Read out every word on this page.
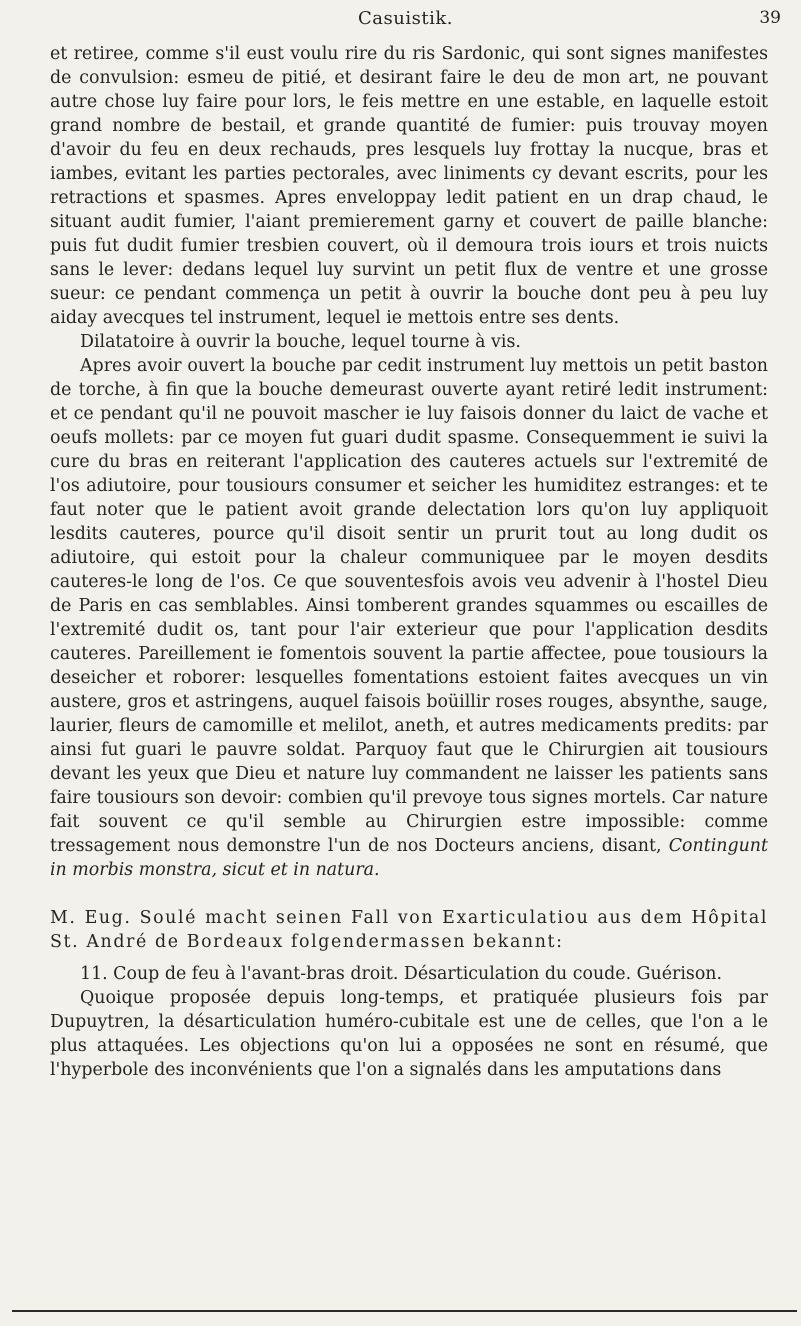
Casuistik.	39

et retiree, comme s'il eust voulu rire du ris Sardonic, qui sont signes manifestes de convulsion: esmeu de pitié, et desirant faire le deu de mon art, ne pouvant autre chose luy faire pour lors, le feis mettre en une estable, en laquelle estoit grand nombre de bestail, et grande quantité de fumier: puis trouvay moyen d'avoir du feu en deux rechauds, pres lesquels luy frottay la nucque, bras et iambes, evitant les parties pectorales, avec liniments cy devant escrits, pour les retractions et spasmes. Apres enveloppay ledit patient en un drap chaud, le situant audit fumier, l'aiant premierement garny et couvert de paille blanche: puis fut dudit fumier tresbien couvert, où il demoura trois iours et trois nuicts sans le lever: dedans lequel luy survint un petit flux de ventre et une grosse sueur: ce pendant commença un petit à ouvrir la bouche dont peu à peu luy aiday avecques tel instrument, lequel ie mettois entre ses dents.

Dilatatoire à ouvrir la bouche, lequel tourne à vis.

Apres avoir ouvert la bouche par cedit instrument luy mettois un petit baston de torche, à fin que la bouche demeurast ouverte ayant retiré ledit instrument: et ce pendant qu'il ne pouvoit mascher ie luy faisois donner du laict de vache et oeufs mollets: par ce moyen fut guari dudit spasme. Consequemment ie suivi la cure du bras en reiterant l'application des cauteres actuels sur l'extremité de l'os adiutoire, pour tousiours consumer et seicher les humiditez estranges: et te faut noter que le patient avoit grande delectation lors qu'on luy appliquoit lesdits cauteres, pource qu'il disoit sentir un prurit tout au long dudit os adiutoire, qui estoit pour la chaleur communiquee par le moyen desdits cauteres-le long de l'os. Ce que souventesfois avois veu advenir à l'hostel Dieu de Paris en cas semblables. Ainsi tomberent grandes squammes ou escailles de l'extremité dudit os, tant pour l'air exterieur que pour l'application desdits cauteres. Pareillement ie fomentois souvent la partie affectee, poue tousiours la deseicher et roborer: lesquelles fomentations estoient faites avecques un vin austere, gros et astringens, auquel faisois boüillir roses rouges, absynthe, sauge, laurier, fleurs de camomille et melilot, aneth, et autres medicaments predits: par ainsi fut guari le pauvre soldat. Parquoy faut que le Chirurgien ait tousiours devant les yeux que Dieu et nature luy commandent ne laisser les patients sans faire tousiours son devoir: combien qu'il prevoye tous signes mortels. Car nature fait souvent ce qu'il semble au Chirurgien estre impossible: comme tressagement nous demonstre l'un de nos Docteurs anciens, disant, Contingunt in morbis monstra, sicut et in natura.

M. Eug. Soulé macht seinen Fall von Exarticulatiou aus dem Hôpital St. André de Bordeaux folgendermassen bekannt:

11. Coup de feu à l'avant-bras droit. Désarticulation du coude. Guérison.

Quoique proposée depuis long-temps, et pratiquée plusieurs fois par Dupuytren, la désarticulation huméro-cubitale est une de celles, que l'on a le plus attaquées. Les objections qu'on lui a opposées ne sont en résumé, que l'hyperbole des inconvénients que l'on a signalés dans les amputations dans
